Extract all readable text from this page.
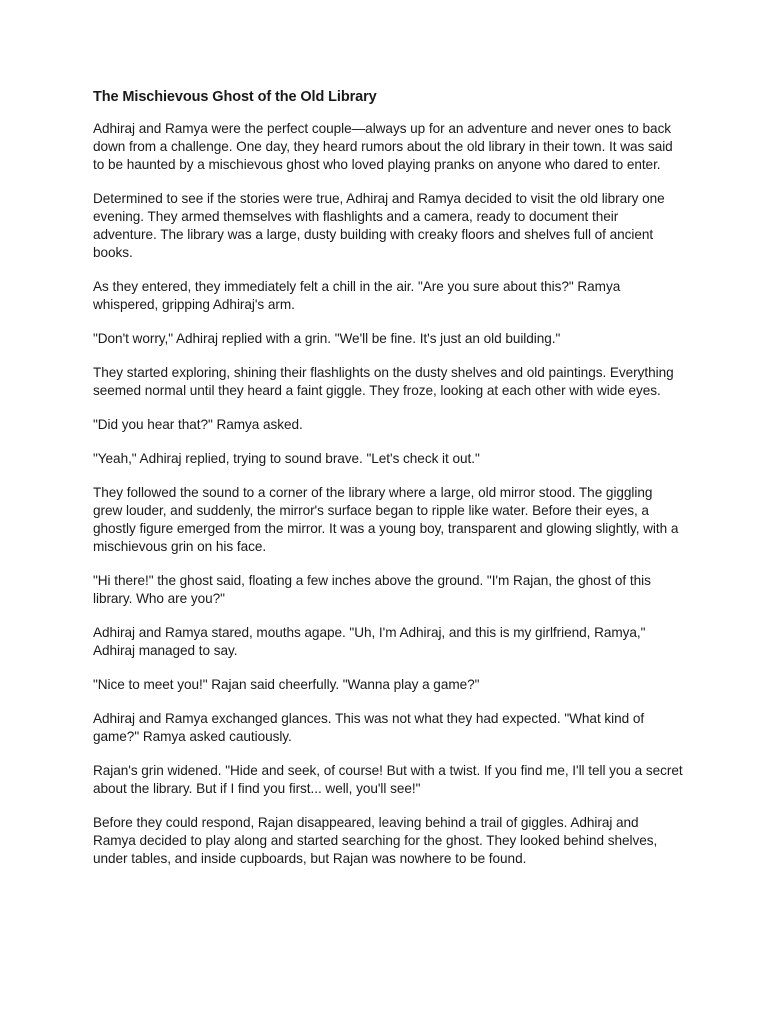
The Mischievous Ghost of the Old Library

Adhiraj and Ramya were the perfect couple—always up for an adventure and never ones to back down from a challenge. One day, they heard rumors about the old library in their town. It was said to be haunted by a mischievous ghost who loved playing pranks on anyone who dared to enter.

Determined to see if the stories were true, Adhiraj and Ramya decided to visit the old library one evening. They armed themselves with flashlights and a camera, ready to document their adventure. The library was a large, dusty building with creaky floors and shelves full of ancient books.

As they entered, they immediately felt a chill in the air. "Are you sure about this?" Ramya whispered, gripping Adhiraj's arm.

"Don't worry," Adhiraj replied with a grin. "We'll be fine. It's just an old building."

They started exploring, shining their flashlights on the dusty shelves and old paintings. Everything seemed normal until they heard a faint giggle. They froze, looking at each other with wide eyes.

"Did you hear that?" Ramya asked.

"Yeah," Adhiraj replied, trying to sound brave. "Let's check it out."

They followed the sound to a corner of the library where a large, old mirror stood. The giggling grew louder, and suddenly, the mirror's surface began to ripple like water. Before their eyes, a ghostly figure emerged from the mirror. It was a young boy, transparent and glowing slightly, with a mischievous grin on his face.

"Hi there!" the ghost said, floating a few inches above the ground. "I'm Rajan, the ghost of this library. Who are you?"

Adhiraj and Ramya stared, mouths agape. "Uh, I'm Adhiraj, and this is my girlfriend, Ramya," Adhiraj managed to say.

"Nice to meet you!" Rajan said cheerfully. "Wanna play a game?"

Adhiraj and Ramya exchanged glances. This was not what they had expected. "What kind of game?" Ramya asked cautiously.

Rajan's grin widened. "Hide and seek, of course! But with a twist. If you find me, I'll tell you a secret about the library. But if I find you first... well, you'll see!"

Before they could respond, Rajan disappeared, leaving behind a trail of giggles. Adhiraj and Ramya decided to play along and started searching for the ghost. They looked behind shelves, under tables, and inside cupboards, but Rajan was nowhere to be found.
